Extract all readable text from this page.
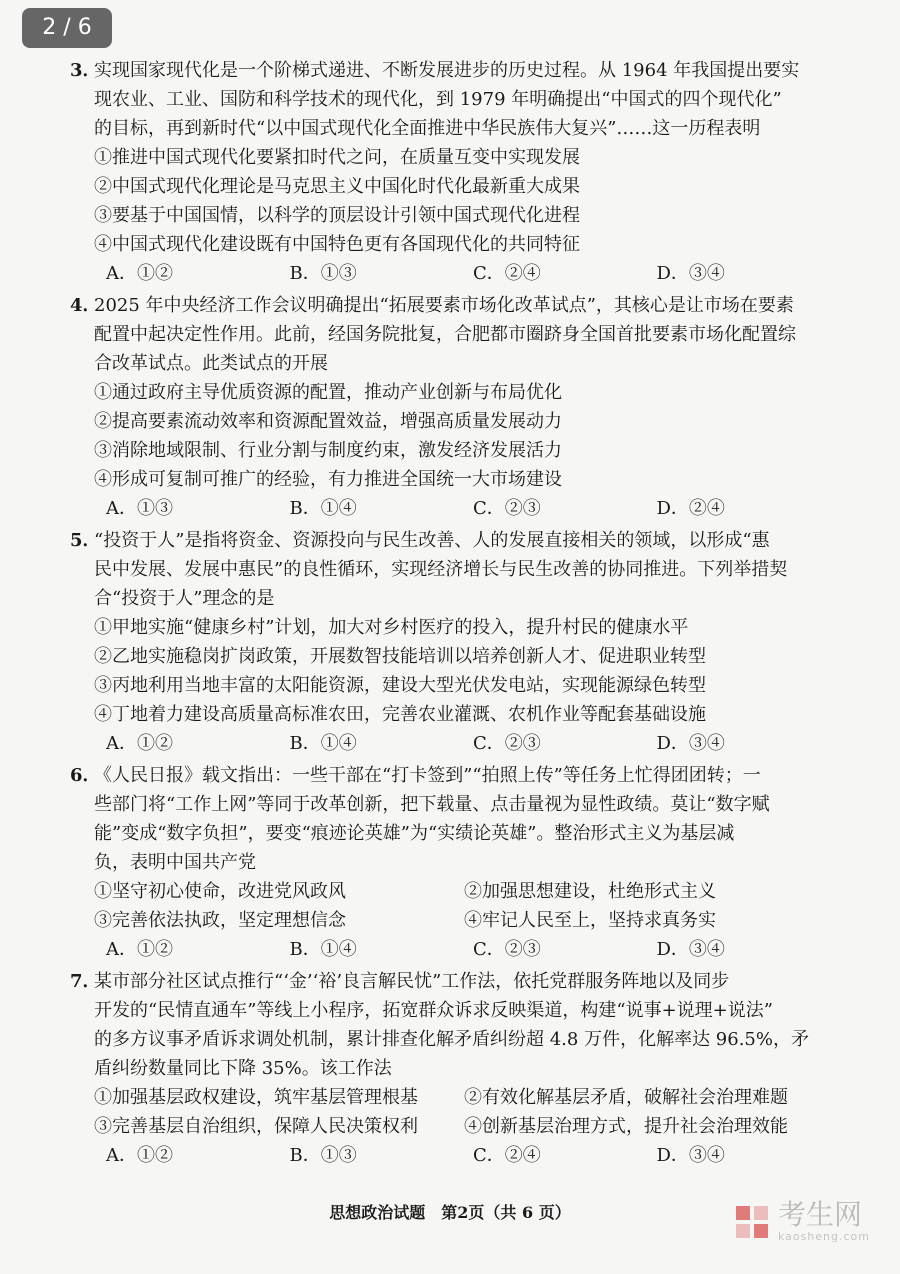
2 / 6
3．
实现国家现代化是一个阶梯式递进、不断发展进步的历史过程。从 1964 年我国提出要实
现农业、工业、国防和科学技术的现代化，到 1979 年明确提出“中国式的四个现代化”
的目标，再到新时代“以中国式现代化全面推进中华民族伟大复兴”……这一历程表明
①推进中国式现代化要紧扣时代之问，在质量互变中实现发展
②中国式现代化理论是马克思主义中国化时代化最新重大成果
③要基于中国国情，以科学的顶层设计引领中国式现代化进程
④中国式现代化建设既有中国特色更有各国现代化的共同特征
A．①②	B．①③	C．②④	D．③④
4．
2025 年中央经济工作会议明确提出“拓展要素市场化改革试点”，其核心是让市场在要素
配置中起决定性作用。此前，经国务院批复，合肥都市圈跻身全国首批要素市场化配置综
合改革试点。此类试点的开展
①通过政府主导优质资源的配置，推动产业创新与布局优化
②提高要素流动效率和资源配置效益，增强高质量发展动力
③消除地域限制、行业分割与制度约束，激发经济发展活力
④形成可复制可推广的经验，有力推进全国统一大市场建设
A．①③	B．①④	C．②③	D．②④
5．
“投资于人”是指将资金、资源投向与民生改善、人的发展直接相关的领域，以形成“惠
民中发展、发展中惠民”的良性循环，实现经济增长与民生改善的协同推进。下列举措契
合“投资于人”理念的是
①甲地实施“健康乡村”计划，加大对乡村医疗的投入，提升村民的健康水平
②乙地实施稳岗扩岗政策，开展数智技能培训以培养创新人才、促进职业转型
③丙地利用当地丰富的太阳能资源，建设大型光伏发电站，实现能源绿色转型
④丁地着力建设高质量高标准农田，完善农业灌溉、农机作业等配套基础设施
A．①②	B．①④	C．②③	D．③④
6．
《人民日报》载文指出：一些干部在“打卡签到”“拍照上传”等任务上忙得团团转；一
些部门将“工作上网”等同于改革创新，把下载量、点击量视为显性政绩。莫让“数字赋
能”变成“数字负担”，要变“痕迹论英雄”为“实绩论英雄”。整治形式主义为基层减
负，表明中国共产党
①坚守初心使命，改进党风政风	②加强思想建设，杜绝形式主义
③完善依法执政，坚定理想信念	④牢记人民至上，坚持求真务实
A．①②	B．①④	C．②③	D．③④
7．
某市部分社区试点推行“‘金’‘裕’良言解民忧”工作法，依托党群服务阵地以及同步
开发的“民情直通车”等线上小程序，拓宽群众诉求反映渠道，构建“说事+说理+说法”
的多方议事矛盾诉求调处机制，累计排查化解矛盾纠纷超 4.8 万件，化解率达 96.5%，矛
盾纠纷数量同比下降 35%。该工作法
①加强基层政权建设，筑牢基层管理根基	②有效化解基层矛盾，破解社会治理难题
③完善基层自治组织，保障人民决策权利	④创新基层治理方式，提升社会治理效能
A．①②	B．①③	C．②④	D．③④
思想政治试题　第2页（共 6 页）	考生网
kaosheng.com
